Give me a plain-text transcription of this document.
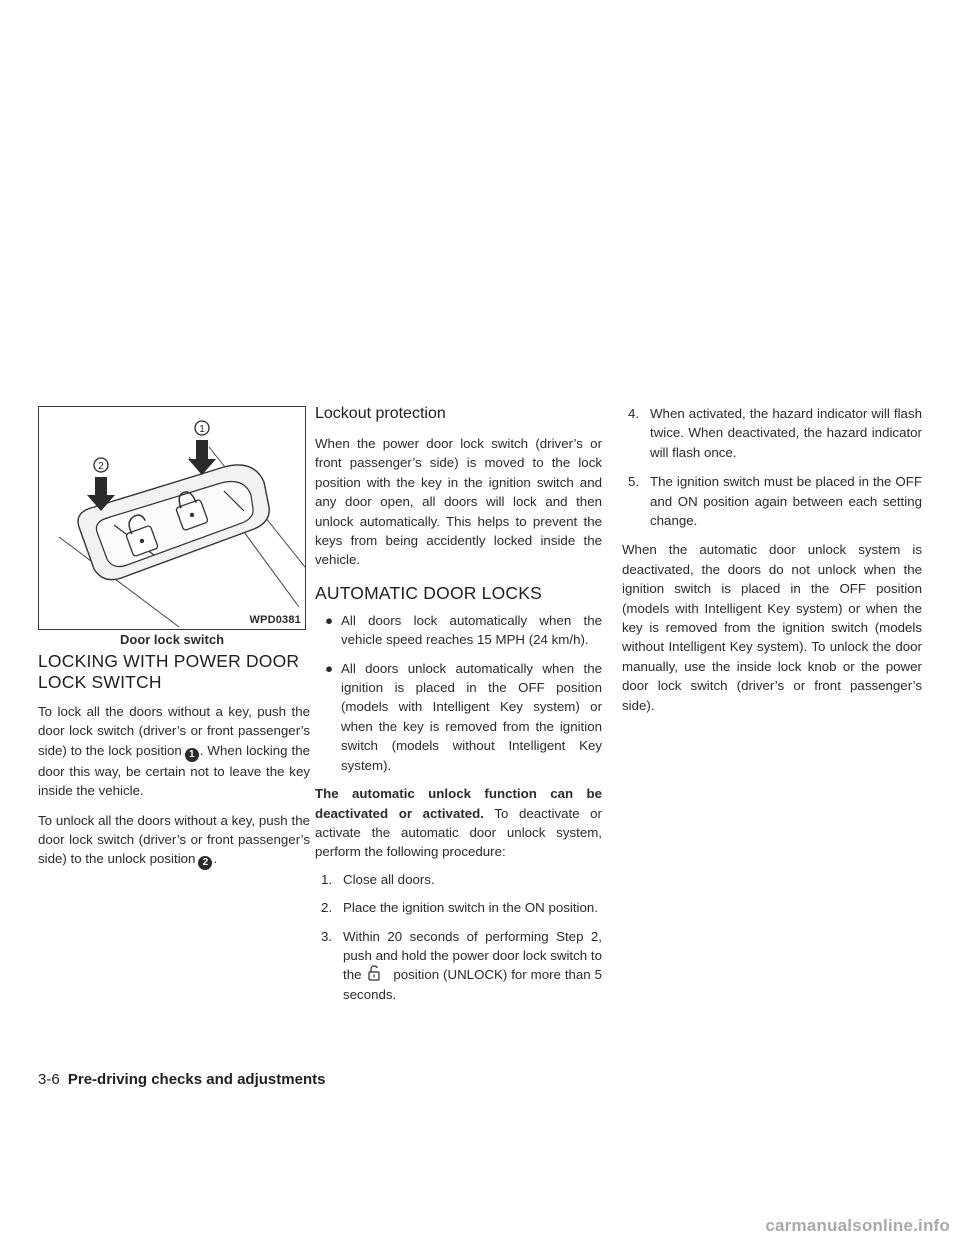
1
2
WPD0381
Door lock switch
LOCKING WITH POWER DOOR
LOCK SWITCH

To lock all the doors without a key, push the door lock switch (driver’s or front passenger’s side) to the lock position 1 . When locking the door this way, be certain not to leave the key inside the vehicle.

To unlock all the doors without a key, push the door lock switch (driver’s or front passenger’s side) to the unlock position 2 .

Lockout protection

When the power door lock switch (driver’s or front passenger’s side) is moved to the lock position with the key in the ignition switch and any door open, all doors will lock and then unlock automatically. This helps to prevent the keys from being accidently locked inside the vehicle.

AUTOMATIC DOOR LOCKS
● All doors lock automatically when the vehicle speed reaches 15 MPH (24 km/h).
● All doors unlock automatically when the ignition is placed in the OFF position (models with Intelligent Key system) or when the key is removed from the ignition switch (models without Intelligent Key system).

The automatic unlock function can be deactivated or activated. To deactivate or activate the automatic door unlock system, perform the following procedure:

1. Close all doors.
2. Place the ignition switch in the ON position.
3. Within 20 seconds of performing Step 2, push and hold the power door lock switch to the position (UNLOCK) for more than 5 seconds.
4. When activated, the hazard indicator will flash twice. When deactivated, the hazard indicator will flash once.
5. The ignition switch must be placed in the OFF and ON position again between each setting change.

When the automatic door unlock system is deactivated, the doors do not unlock when the ignition switch is placed in the OFF position (models with Intelligent Key system) or when the key is removed from the ignition switch (models without Intelligent Key system). To unlock the door manually, use the inside lock knob or the power door lock switch (driver’s or front passenger’s side).

3-6 Pre-driving checks and adjustments
carmanualsonline.info
